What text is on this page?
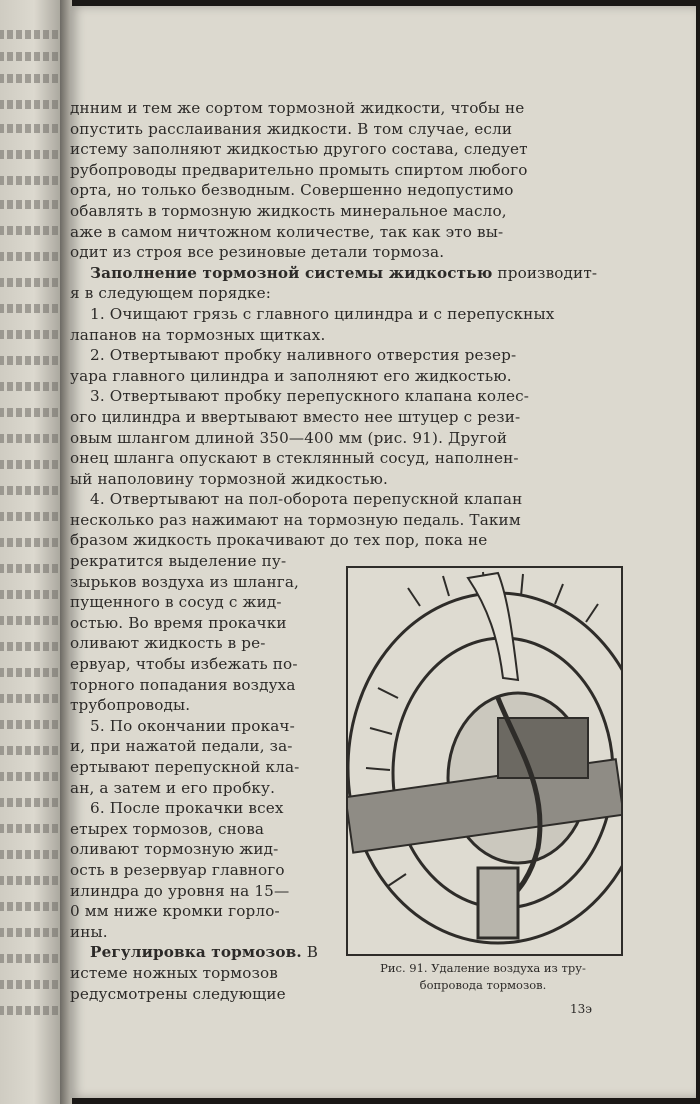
днним и тем же сортом тормозной жидкости, чтобы не
опустить расслаивания жидкости. В том случае, если
истему заполняют жидкостью другого состава, следует
рубопроводы предварительно промыть спиртом любого
орта, но только безводным. Совершенно недопустимо
обавлять в тормозную жидкость минеральное масло,
аже в самом ничтожном количестве, так как это вы-
одит из строя все резиновые детали тормоза.

Заполнение тормозной системы жидкостью производит-
я в следующем порядке:

1. Очищают грязь с главного цилиндра и с перепускных
лапанов на тормозных щитках.

2. Отвертывают пробку наливного отверстия резер-
уара главного цилиндра и заполняют его жидкостью.

3. Отвертывают пробку перепускного клапана колес-
ого цилиндра и ввертывают вместо нее штуцер с рези-
овым шлангом длиной 350—400 мм (рис. 91). Другой
онец шланга опускают в стеклянный сосуд, наполнен-
ый наполовину тормозной жидкостью.

4. Отвертывают на пол-оборота перепускной клапан
несколько раз нажимают на тормозную педаль. Таким
бразом жидкость прокачивают до тех пор, пока не

рекратится выделение пу-
зырьков воздуха из шланга,
пущенного в сосуд с жид-
остью. Во время прокачки
оливают жидкость в ре-
ервуар, чтобы избежать по-
торного попадания воздуха
трубопроводы.

5. По окончании прокач-
и, при нажатой педали, за-
ертывают перепускной кла-
ан, а затем и его пробку.

6. После прокачки всех
етырех тормозов, снова
оливают тормозную жид-
ость в резервуар главного
илиндра до уровня на 15—
0 мм ниже кромки горло-
ины.

Регулировка тормозов. В
истеме ножных тормозов
редусмотрены следующие

Рис. 91. Удаление воздуха из тру-
бопровода тормозов.
13э
